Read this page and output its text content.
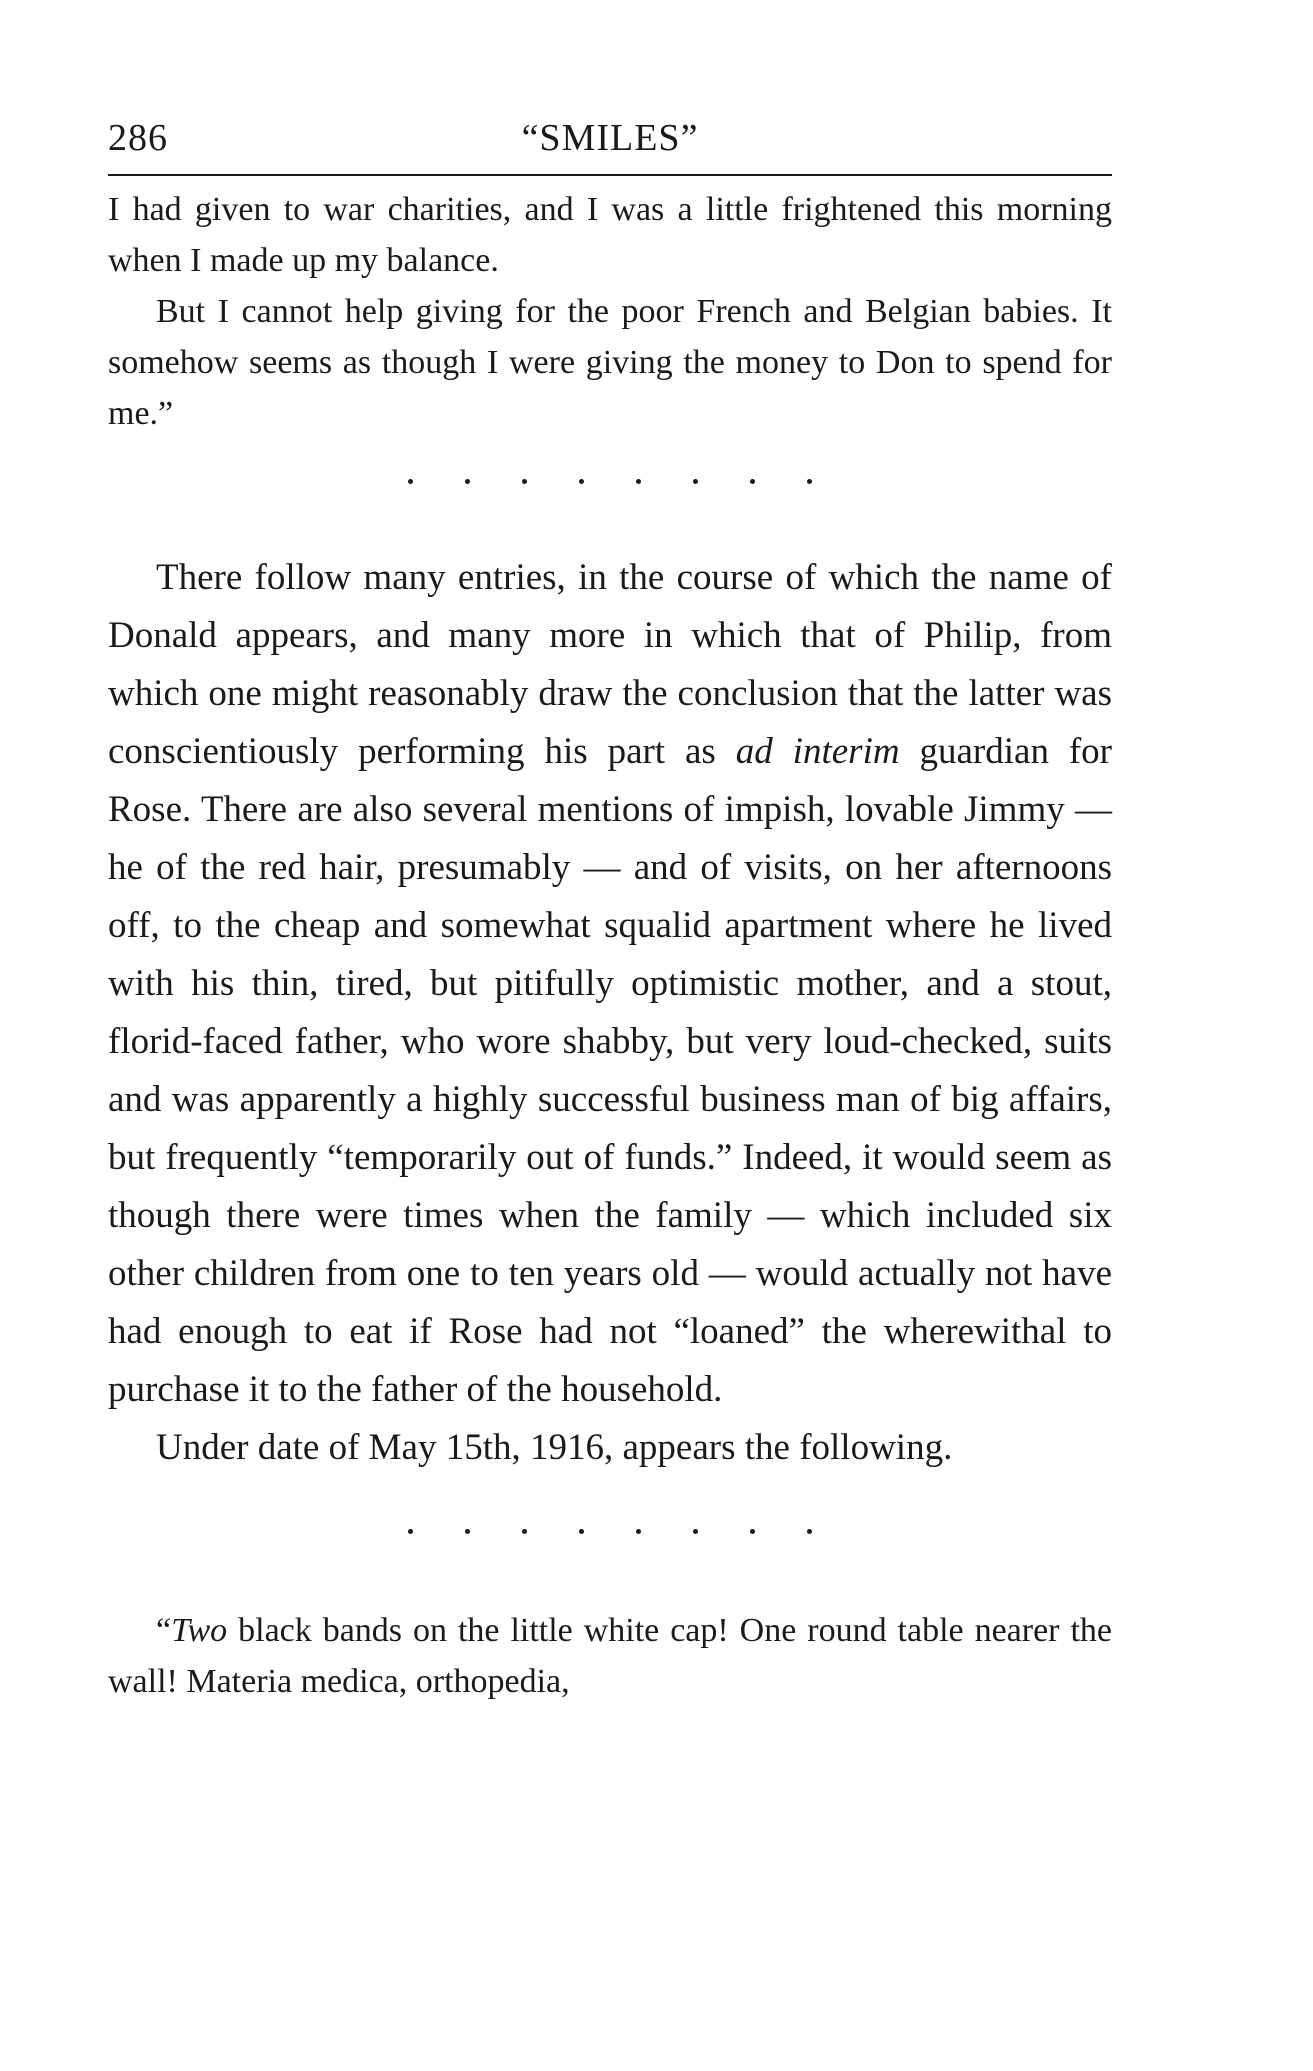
286	“SMILES”

I had given to war charities, and I was a little frightened this morning when I made up my balance.

But I cannot help giving for the poor French and Belgian babies. It somehow seems as though I were giving the money to Don to spend for me.”

There follow many entries, in the course of which the name of Donald appears, and many more in which that of Philip, from which one might reasonably draw the conclusion that the latter was conscientiously performing his part as ad interim guardian for Rose. There are also several mentions of impish, lovable Jimmy — he of the red hair, presumably — and of visits, on her afternoons off, to the cheap and somewhat squalid apartment where he lived with his thin, tired, but pitifully optimistic mother, and a stout, florid-faced father, who wore shabby, but very loud-checked, suits and was apparently a highly successful business man of big affairs, but frequently “temporarily out of funds.” Indeed, it would seem as though there were times when the family — which included six other children from one to ten years old — would actually not have had enough to eat if Rose had not “loaned” the wherewithal to purchase it to the father of the household.

Under date of May 15th, 1916, appears the following.

“Two black bands on the little white cap! One round table nearer the wall! Materia medica, orthopedia,
